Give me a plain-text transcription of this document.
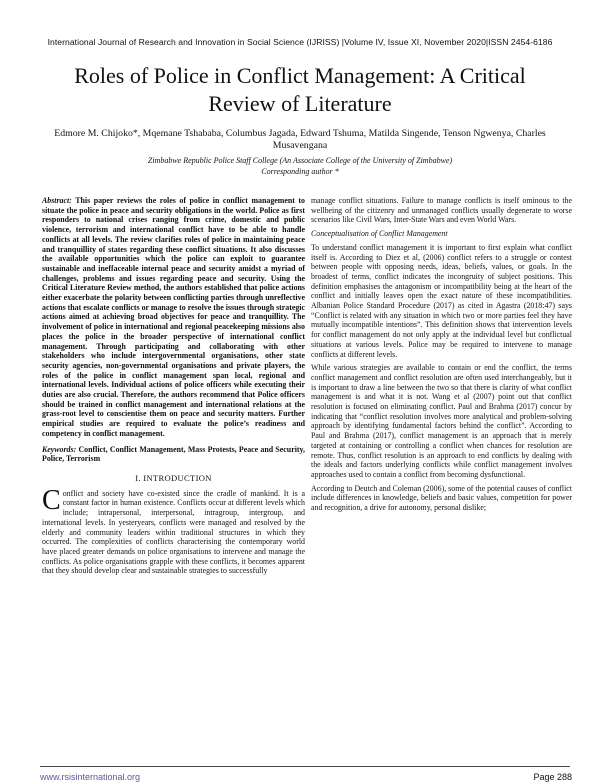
International Journal of Research and Innovation in Social Science (IJRISS) |Volume IV, Issue XI, November 2020|ISSN 2454-6186
Roles of Police in Conflict Management: A Critical Review of Literature
Edmore M. Chijoko*, Mqemane Tshababa, Columbus Jagada, Edward Tshuma, Matilda Singende, Tenson Ngwenya, Charles Musavengana
Zimbabwe Republic Police Staff College (An Associate College of the University of Zimbabwe)
Corresponding author *

Abstract: This paper reviews the roles of police in conflict management to situate the police in peace and security obligations in the world. Police as first responders to national crises ranging from crime, domestic and public violence, terrorism and international conflict have to be able to handle conflicts at all levels. The review clarifies roles of police in maintaining peace and tranquillity of states regarding these conflict situations. It also discusses the available opportunities which the police can exploit to guarantee sustainable and ineffaceable internal peace and security amidst a myriad of challenges, problems and issues regarding peace and security. Using the Critical Literature Review method, the authors established that police actions either exacerbate the polarity between conflicting parties through unreflective actions that escalate conflicts or manage to resolve the issues through strategic actions aimed at achieving broad objectives for peace and tranquillity. The involvement of police in international and regional peacekeeping missions also places the police in the broader perspective of international conflict management. Through participating and collaborating with other stakeholders who include intergovernmental organisations, other state security agencies, non-governmental organisations and private players, the roles of the police in conflict management span local, regional and international levels. Individual actions of police officers while executing their duties are also crucial. Therefore, the authors recommend that Police officers should be trained in conflict management and international relations at the grass-root level to conscientise them on peace and security matters. Further empirical studies are required to evaluate the police’s readiness and competency in conflict management.

Keywords: Conflict, Conflict Management, Mass Protests, Peace and Security, Police, Terrorism

I. INTRODUCTION

Conflict and society have co-existed since the cradle of mankind. It is a constant factor in human existence. Conflicts occur at different levels which include; intrapersonal, interpersonal, intragroup, intergroup, and international levels. In yesteryears, conflicts were managed and resolved by the elderly and community leaders within traditional structures in which they occurred. The complexities of conflicts characterising the contemporary world have placed greater demands on police organisations to intervene and manage the conflicts. As police organisations grapple with these conflicts, it becomes apparent that they should develop clear and sustainable strategies to successfully

manage conflict situations. Failure to manage conflicts is itself ominous to the wellbeing of the citizenry and unmanaged conflicts usually degenerate to worse scenarios like Civil Wars, Inter-State Wars and even World Wars.

Conceptualisation of Conflict Management

To understand conflict management it is important to first explain what conflict itself is. According to Diez et al, (2006) conflict refers to a struggle or contest between people with opposing needs, ideas, beliefs, values, or goals. In the broadest of terms, conflict indicates the incongruity of subject positions. This definition emphasises the antagonism or incompatibility being at the heart of the conflict and initially leaves open the exact nature of these incompatibilities. Albanian Police Standard Procedure (2017) as cited in Agastra (2018:47) says “Conflict is related with any situation in which two or more parties feel they have mutually incompatible intentions”. This definition shows that intervention levels for conflict management do not only apply at the individual level but conflictual situations at various levels. Police may be required to intervene to manage conflicts at different levels.

While various strategies are available to contain or end the conflict, the terms conflict management and conflict resolution are often used interchangeably, but it is important to draw a line between the two so that there is clarity of what conflict management is and what it is not. Wang et al (2007) point out that conflict resolution is focused on eliminating conflict. Paul and Brahma (2017) concur by indicating that “conflict resolution involves more analytical and problem-solving approach by identifying fundamental factors behind the conflict”. According to Paul and Brahma (2017), conflict management is an approach that is merely targeted at containing or controlling a conflict when chances for resolution are remote. Thus, conflict resolution is an approach to end conflicts by dealing with the ideals and factors underlying conflicts while conflict management involves approaches used to contain a conflict from becoming dysfunctional.

According to Deutch and Coleman (2006), some of the potential causes of conflict include differences in knowledge, beliefs and basic values, competition for power and recognition, a drive for autonomy, personal dislike;

www.rsisinternational.org	Page 288
